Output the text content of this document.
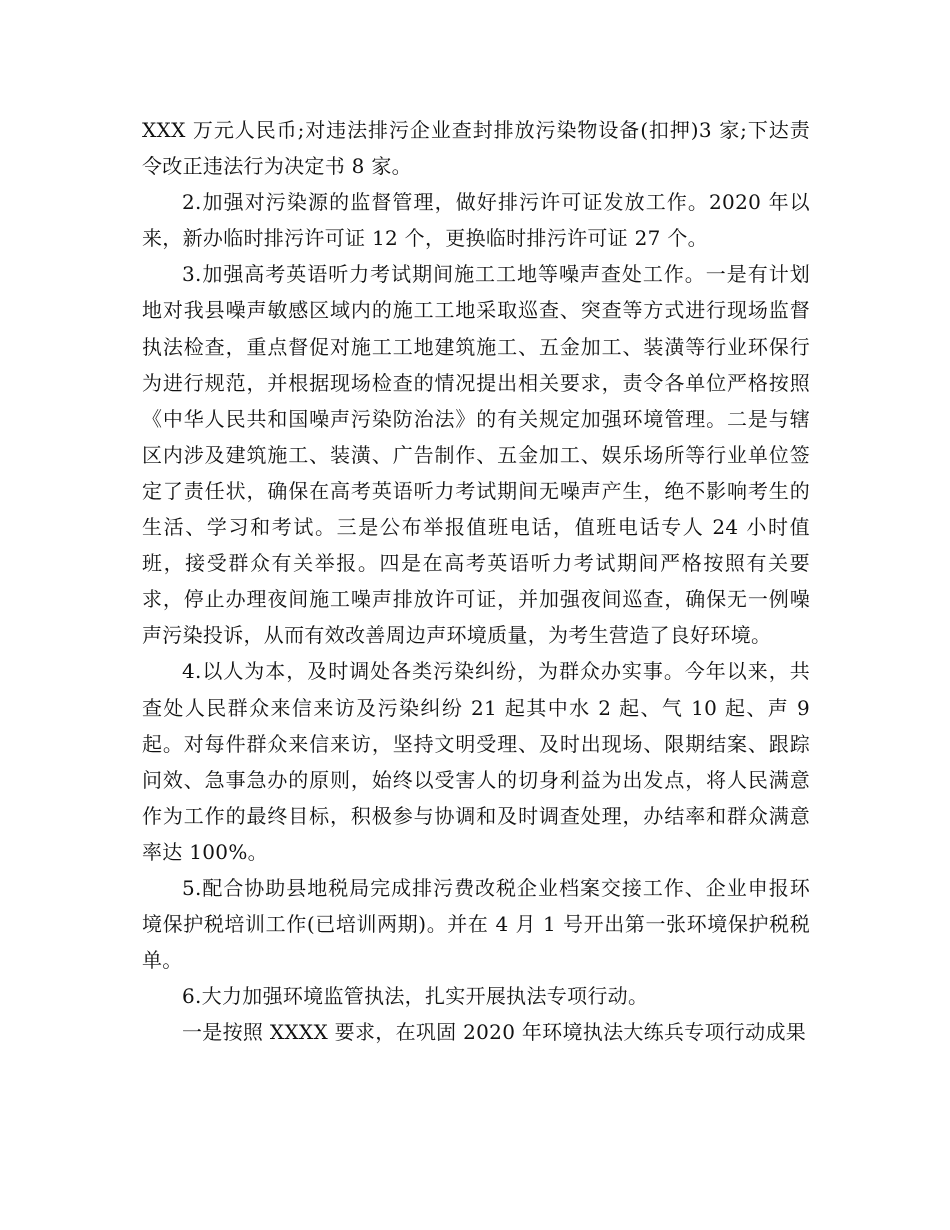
XXX 万元人民币;对违法排污企业查封排放污染物设备(扣押)3 家;下达责令改正违法行为决定书 8 家。

2.加强对污染源的监督管理，做好排污许可证发放工作。2020 年以来，新办临时排污许可证 12 个，更换临时排污许可证 27 个。

3.加强高考英语听力考试期间施工工地等噪声查处工作。一是有计划地对我县噪声敏感区域内的施工工地采取巡查、突查等方式进行现场监督执法检查，重点督促对施工工地建筑施工、五金加工、装潢等行业环保行为进行规范，并根据现场检查的情况提出相关要求，责令各单位严格按照《中华人民共和国噪声污染防治法》的有关规定加强环境管理。二是与辖区内涉及建筑施工、装潢、广告制作、五金加工、娱乐场所等行业单位签定了责任状，确保在高考英语听力考试期间无噪声产生，绝不影响考生的生活、学习和考试。三是公布举报值班电话，值班电话专人 24 小时值班，接受群众有关举报。四是在高考英语听力考试期间严格按照有关要求，停止办理夜间施工噪声排放许可证，并加强夜间巡查，确保无一例噪声污染投诉，从而有效改善周边声环境质量，为考生营造了良好环境。

4.以人为本，及时调处各类污染纠纷，为群众办实事。今年以来，共查处人民群众来信来访及污染纠纷 21 起其中水 2 起、气 10 起、声 9 起。对每件群众来信来访，坚持文明受理、及时出现场、限期结案、跟踪问效、急事急办的原则，始终以受害人的切身利益为出发点，将人民满意作为工作的最终目标，积极参与协调和及时调查处理，办结率和群众满意率达 100%。

5.配合协助县地税局完成排污费改税企业档案交接工作、企业申报环境保护税培训工作(已培训两期)。并在 4 月 1 号开出第一张环境保护税税单。

6.大力加强环境监管执法，扎实开展执法专项行动。

一是按照 XXXX 要求，在巩固 2020 年环境执法大练兵专项行动成果
